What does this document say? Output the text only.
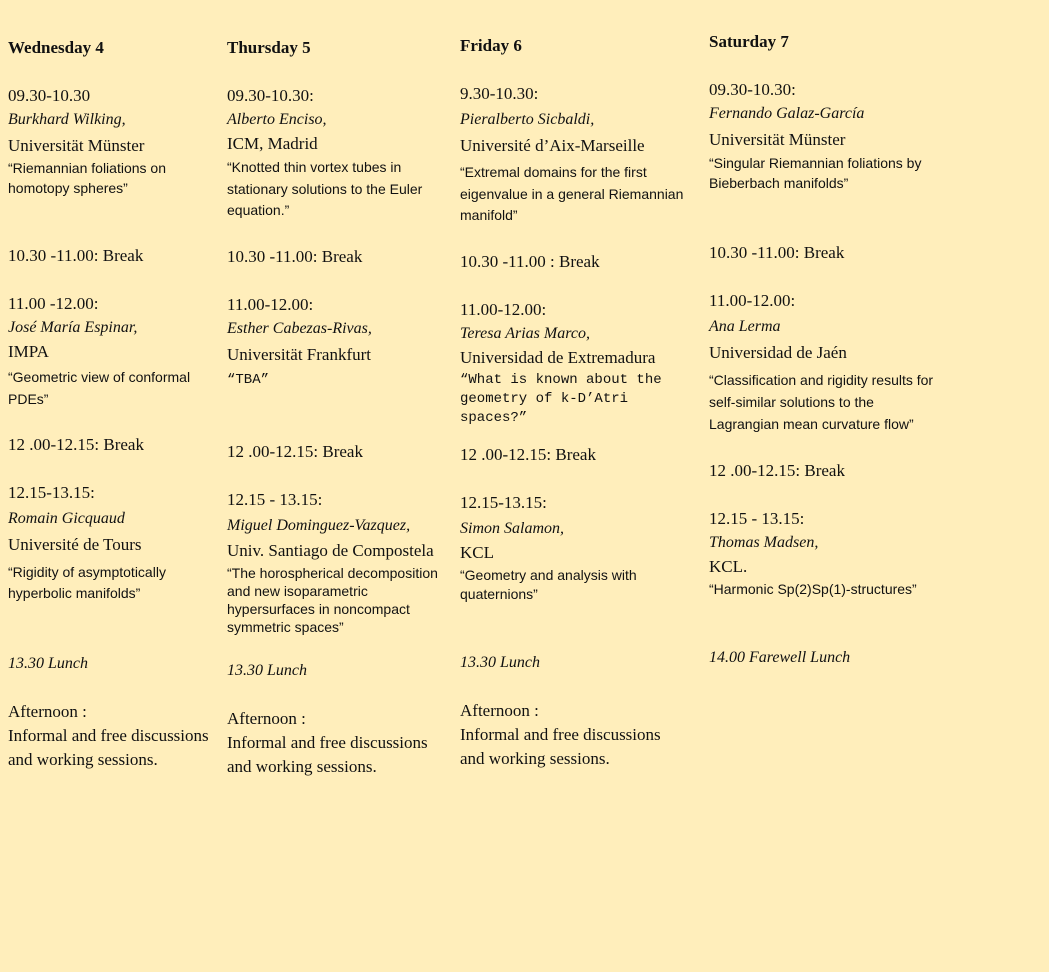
Wednesday 4
09.30-10.30
Burkhard Wilking,
Universität Münster
“Riemannian foliations on homotopy spheres”
10.30 -11.00: Break
11.00 -12.00:
José María Espinar,
IMPA
“Geometric view of conformal PDEs”
12 .00-12.15: Break
12.15-13.15:
Romain Gicquaud
Université de Tours
“Rigidity of asymptotically hyperbolic manifolds”
13.30 Lunch
Afternoon :
Informal and free discussions
and working sessions.
Thursday 5
09.30-10.30:
Alberto Enciso,
ICM, Madrid
“Knotted thin vortex tubes in stationary solutions to the Euler equation.”
10.30 -11.00: Break
11.00-12.00:
Esther Cabezas-Rivas,
Universität Frankfurt
“TBA”
12 .00-12.15: Break
12.15 - 13.15:
Miguel Dominguez-Vazquez,
Univ. Santiago de Compostela
“The horospherical decomposition and new isoparametric hypersurfaces in noncompact symmetric spaces”
13.30 Lunch
Afternoon :
Informal and free discussions
and working sessions.
Friday 6
9.30-10.30:
Pieralberto Sicbaldi,
Université d’Aix-Marseille
“Extremal domains for the first eigenvalue in a general Riemannian manifold”
10.30 -11.00 : Break
11.00-12.00:
Teresa Arias Marco,
Universidad de Extremadura
“What is known about the geometry of k-D’Atri spaces?”
12 .00-12.15: Break
12.15-13.15:
Simon Salamon,
KCL
“Geometry and analysis with quaternions”
13.30 Lunch
Afternoon :
Informal and free discussions
and working sessions.
Saturday 7
09.30-10.30:
Fernando Galaz-García
Universität Münster
“Singular Riemannian foliations by Bieberbach manifolds”
10.30 -11.00: Break
11.00-12.00:
Ana Lerma
Universidad de Jaén
“Classification and rigidity results for self-similar solutions to the Lagrangian mean curvature flow”
12 .00-12.15: Break
12.15 - 13.15:
Thomas Madsen,
KCL.
“Harmonic Sp(2)Sp(1)-structures”
14.00 Farewell Lunch
